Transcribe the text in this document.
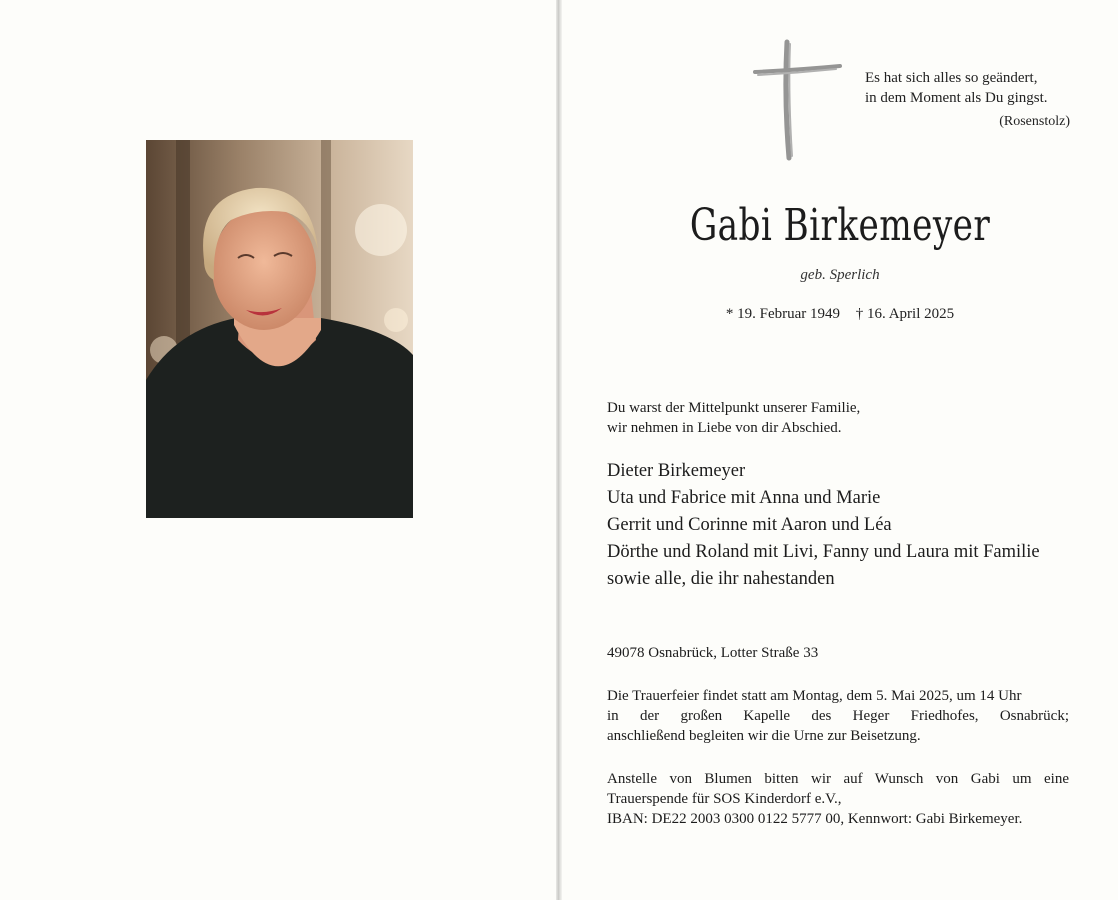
Es hat sich alles so geändert,
in dem Moment als Du gingst.
(Rosenstolz)
Gabi Birkemeyer
geb. Sperlich
* 19. Februar 1949 † 16. April 2025
Du warst der Mittelpunkt unserer Familie,
wir nehmen in Liebe von dir Abschied.
Dieter Birkemeyer
Uta und Fabrice mit Anna und Marie
Gerrit und Corinne mit Aaron und Léa
Dörthe und Roland mit Livi, Fanny und Laura mit Familie
sowie alle, die ihr nahestanden
49078 Osnabrück, Lotter Straße 33
Die Trauerfeier findet statt am Montag, dem 5. Mai 2025, um 14 Uhr
in der großen Kapelle des Heger Friedhofes, Osnabrück;
anschließend begleiten wir die Urne zur Beisetzung.
Anstelle von Blumen bitten wir auf Wunsch von Gabi um eine
Trauerspende für SOS Kinderdorf e.V.,
IBAN: DE22 2003 0300 0122 5777 00, Kennwort: Gabi Birkemeyer.
